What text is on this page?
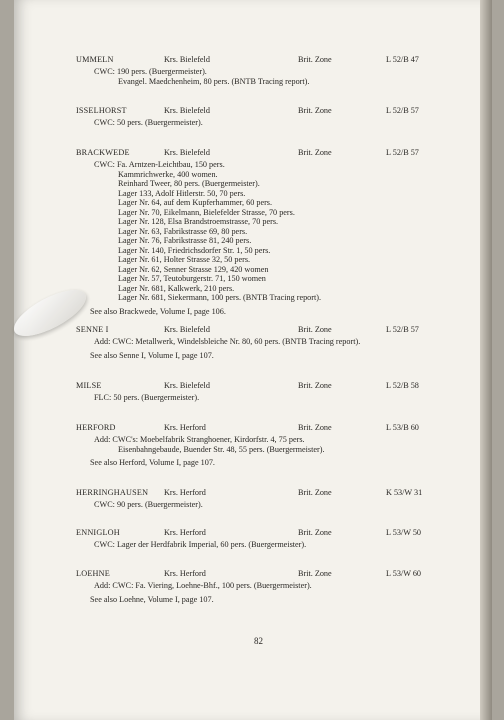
UMMELN	Krs. Bielefeld	Brit. Zone	L 52/B 47
CWC: 190 pers. (Buergermeister).
Evangel. Maedchenheim, 80 pers. (BNTB Tracing report).
ISSELHORST	Krs. Bielefeld	Brit. Zone	L 52/B 57
CWC: 50 pers. (Buergermeister).
BRACKWEDE	Krs. Bielefeld	Brit. Zone	L 52/B 57
CWC: Fa. Arntzen-Leichtbau, 150 pers.
Kammrichwerke, 400 women.
Reinhard Tweer, 80 pers. (Buergermeister).
Lager 133, Adolf Hitlerstr. 50, 70 pers.
Lager Nr. 64, auf dem Kupferhammer, 60 pers.
Lager Nr. 70, Eikelmann, Bielefelder Strasse, 70 pers.
Lager Nr. 128, Elsa Brandstroemstrasse, 70 pers.
Lager Nr. 63, Fabrikstrasse 69, 80 pers.
Lager Nr. 76, Fabrikstrasse 81, 240 pers.
Lager Nr. 140, Friedrichsdorfer Str. 1, 50 pers.
Lager Nr. 61, Holter Strasse 32, 50 pers.
Lager Nr. 62, Senner Strasse 129, 420 women
Lager Nr. 57, Teutoburgerstr. 71, 150 women
Lager Nr. 681, Kalkwerk, 210 pers.
Lager Nr. 681, Siekermann, 100 pers. (BNTB Tracing report).
See also Brackwede, Volume I, page 106.
SENNE I	Krs. Bielefeld	Brit. Zone	L 52/B 57
Add: CWC: Metallwerk, Windelsbleiche Nr. 80, 60 pers. (BNTB Tracing report).
See also Senne I, Volume I, page 107.
MILSE	Krs. Bielefeld	Brit. Zone	L 52/B 58
FLC: 50 pers. (Buergermeister).
HERFORD	Krs. Herford	Brit. Zone	L 53/B 60
Add: CWC's: Moebelfabrik Stranghoener, Kirdorfstr. 4, 75 pers.
Eisenbahngebaude, Buender Str. 48, 55 pers. (Buergermeister).
See also Herford, Volume I, page 107.
HERRINGHAUSEN Krs. Herford	Brit. Zone	K 53/W 31
CWC: 90 pers. (Buergermeister).
ENNIGLOH	Krs. Herford	Brit. Zone	L 53/W 50
CWC: Lager der Herdfabrik Imperial, 60 pers. (Buergermeister).
LOEHNE	Krs. Herford	Brit. Zone	L 53/W 60
Add: CWC: Fa. Viering, Loehne-Bhf., 100 pers. (Buergermeister).
See also Loehne, Volume I, page 107.
82
